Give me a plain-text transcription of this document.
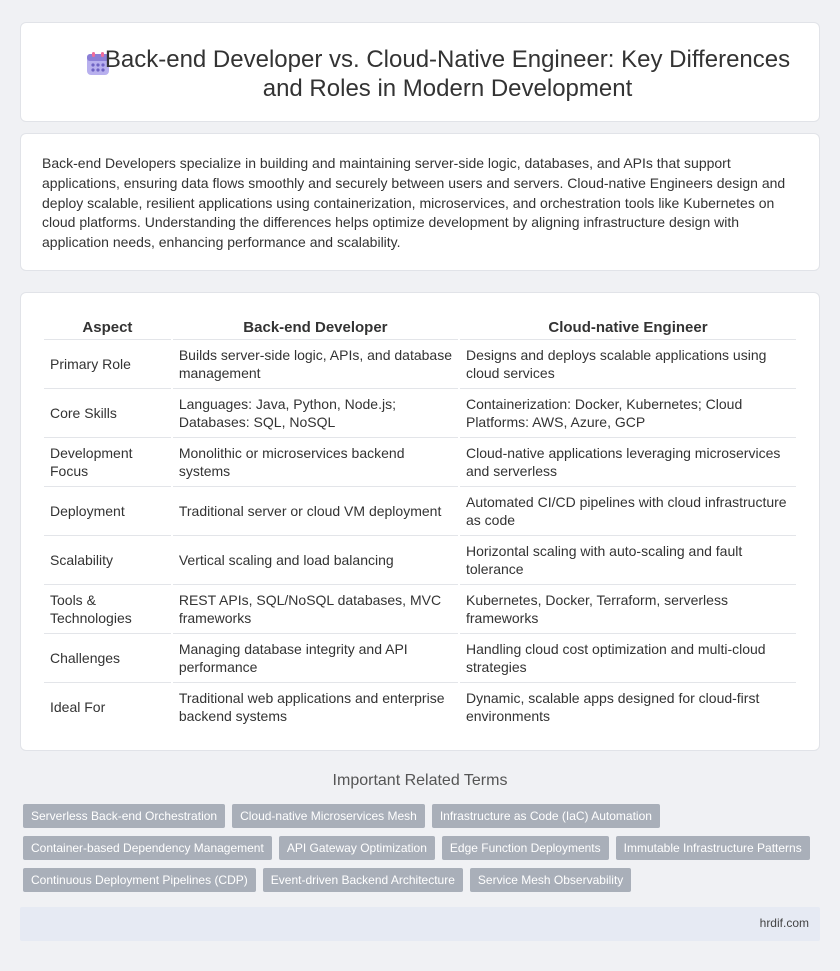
Back-end Developer vs. Cloud-Native Engineer: Key Differences and Roles in Modern Development

Back-end Developers specialize in building and maintaining server-side logic, databases, and APIs that support applications, ensuring data flows smoothly and securely between users and servers. Cloud-native Engineers design and deploy scalable, resilient applications using containerization, microservices, and orchestration tools like Kubernetes on cloud platforms. Understanding the differences helps optimize development by aligning infrastructure design with application needs, enhancing performance and scalability.

Aspect	Back-end Developer	Cloud-native Engineer
Primary Role	Builds server-side logic, APIs, and database management	Designs and deploys scalable applications using cloud services
Core Skills	Languages: Java, Python, Node.js; Databases: SQL, NoSQL	Containerization: Docker, Kubernetes; Cloud Platforms: AWS, Azure, GCP
Development Focus	Monolithic or microservices backend systems	Cloud-native applications leveraging microservices and serverless
Deployment	Traditional server or cloud VM deployment	Automated CI/CD pipelines with cloud infrastructure as code
Scalability	Vertical scaling and load balancing	Horizontal scaling with auto-scaling and fault tolerance
Tools & Technologies	REST APIs, SQL/NoSQL databases, MVC frameworks	Kubernetes, Docker, Terraform, serverless frameworks
Challenges	Managing database integrity and API performance	Handling cloud cost optimization and multi-cloud strategies
Ideal For	Traditional web applications and enterprise backend systems	Dynamic, scalable apps designed for cloud-first environments
Important Related Terms
Serverless Back-end Orchestration	Cloud-native Microservices Mesh	Infrastructure as Code (IaC) Automation
Container-based Dependency Management	API Gateway Optimization	Edge Function Deployments	Immutable Infrastructure Patterns
Continuous Deployment Pipelines (CDP)	Event-driven Backend Architecture	Service Mesh Observability
hrdif.com
